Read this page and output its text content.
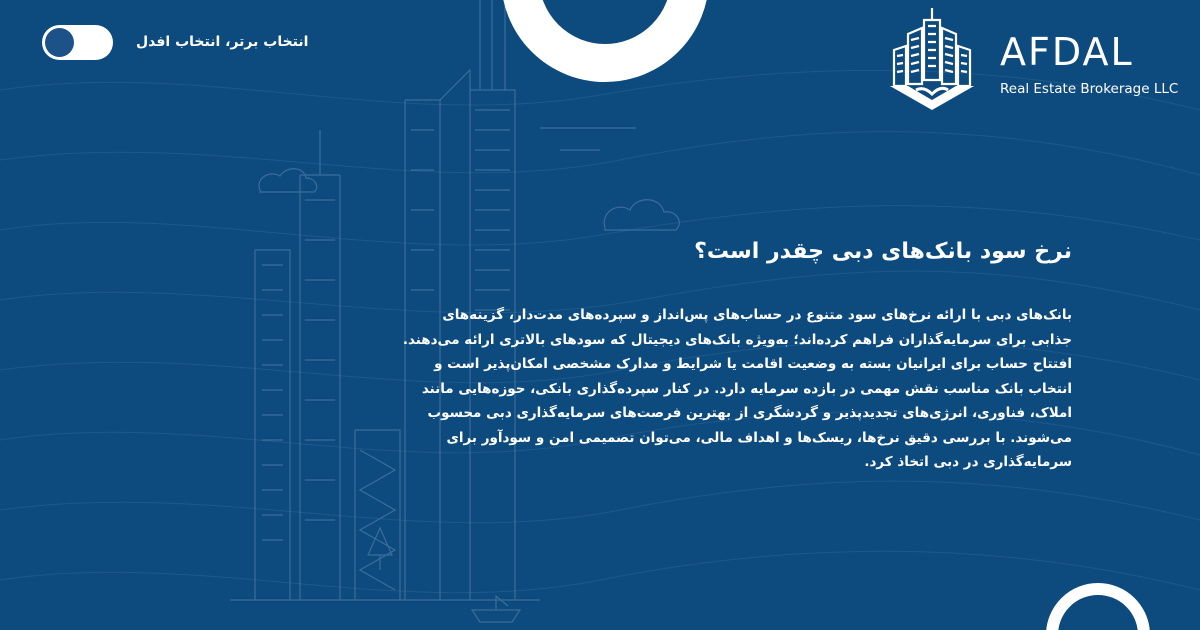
انتخاب برتر، انتخاب افدل	AFDAL
Real Estate Brokerage LLC
نرخ سود بانک‌های دبی چقدر است؟
بانک‌های دبی با ارائه نرخ‌های سود متنوع در حساب‌های پس‌انداز و سپرده‌های مدت‌دار، گزینه‌های جذابی برای سرمایه‌گذاران فراهم کرده‌اند؛ به‌ویژه بانک‌های دیجیتال که سودهای بالاتری ارائه می‌دهند. افتتاح حساب برای ایرانیان بسته به وضعیت اقامت یا شرایط و مدارک مشخصی امکان‌پذیر است و انتخاب بانک مناسب نقش مهمی در بازده سرمایه دارد. در کنار سپرده‌گذاری بانکی، حوزه‌هایی مانند املاک، فناوری، انرژی‌های تجدیدپذیر و گردشگری از بهترین فرصت‌های سرمایه‌گذاری دبی محسوب می‌شوند. با بررسی دقیق نرخ‌ها، ریسک‌ها و اهداف مالی، می‌توان تصمیمی امن و سودآور برای سرمایه‌گذاری در دبی اتخاذ کرد.
